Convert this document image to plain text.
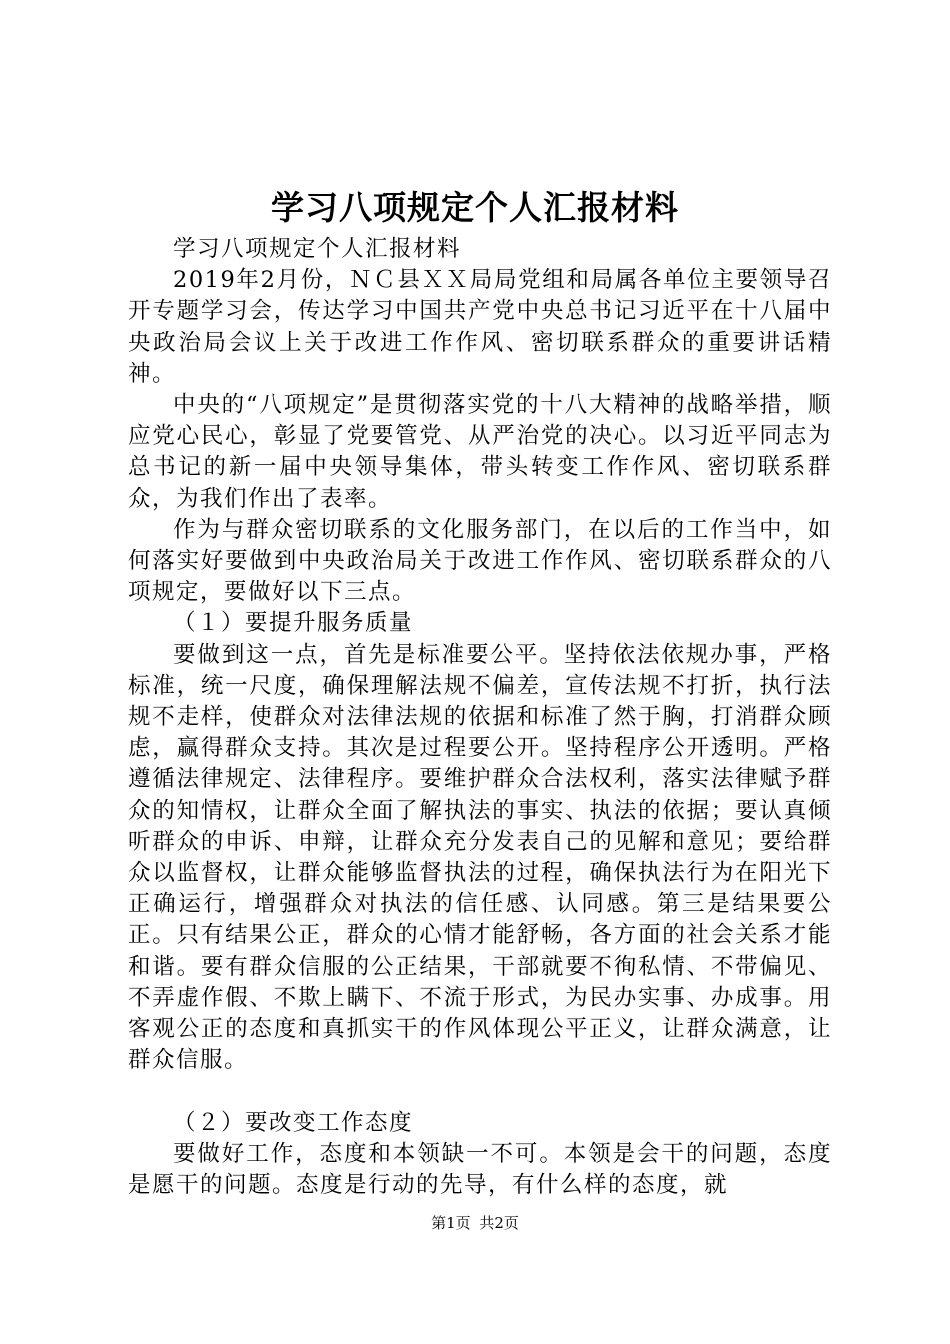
学习八项规定个人汇报材料

学习八项规定个人汇报材料

2019年2月份，ＮＣ县ＸＸ局局党组和局属各单位主要领导召开专题学习会，传达学习中国共产党中央总书记习近平在十八届中央政治局会议上关于改进工作作风、密切联系群众的重要讲话精神。

中央的“八项规定”是贯彻落实党的十八大精神的战略举措，顺应党心民心，彰显了党要管党、从严治党的决心。以习近平同志为总书记的新一届中央领导集体，带头转变工作作风、密切联系群众，为我们作出了表率。

作为与群众密切联系的文化服务部门，在以后的工作当中，如何落实好要做到中央政治局关于改进工作作风、密切联系群众的八项规定，要做好以下三点。

（１）要提升服务质量

要做到这一点，首先是标准要公平。坚持依法依规办事，严格标准，统一尺度，确保理解法规不偏差，宣传法规不打折，执行法规不走样，使群众对法律法规的依据和标准了然于胸，打消群众顾虑，赢得群众支持。其次是过程要公开。坚持程序公开透明。严格遵循法律规定、法律程序。要维护群众合法权利，落实法律赋予群众的知情权，让群众全面了解执法的事实、执法的依据；要认真倾听群众的申诉、申辩，让群众充分发表自己的见解和意见；要给群众以监督权，让群众能够监督执法的过程，确保执法行为在阳光下正确运行，增强群众对执法的信任感、认同感。第三是结果要公正。只有结果公正，群众的心情才能舒畅，各方面的社会关系才能和谐。要有群众信服的公正结果，干部就要不徇私情、不带偏见、不弄虚作假、不欺上瞒下、不流于形式，为民办实事、办成事。用客观公正的态度和真抓实干的作风体现公平正义，让群众满意，让群众信服。

（２）要改变工作态度

要做好工作，态度和本领缺一不可。本领是会干的问题，态度是愿干的问题。态度是行动的先导，有什么样的态度，就

第1页 共2页
